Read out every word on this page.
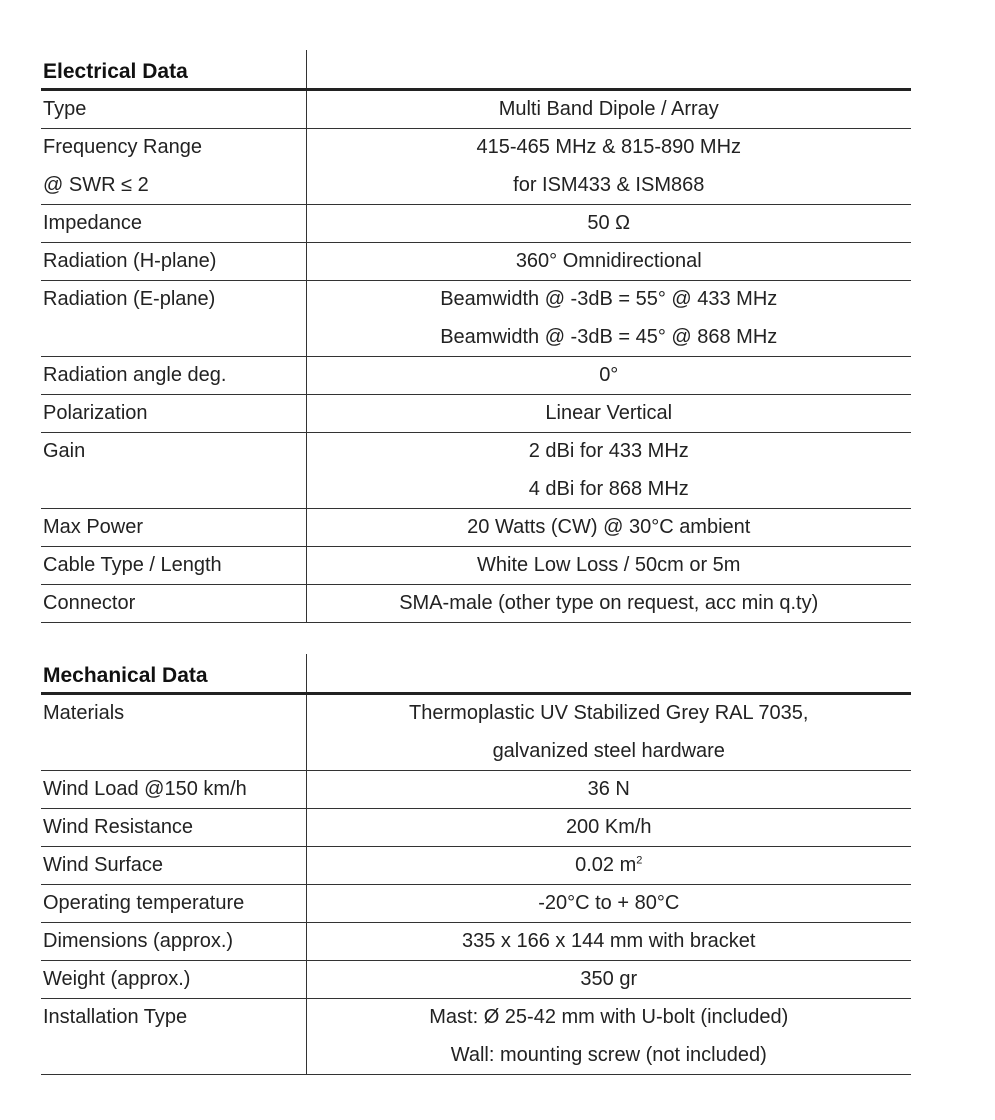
Electrical Data	
Type	Multi Band Dipole / Array
Frequency Range	415-465 MHz & 815-890 MHz
@ SWR ≤ 2	for ISM433 & ISM868
Impedance	50 Ω
Radiation (H-plane)	360° Omnidirectional
Radiation (E-plane)	Beamwidth @ -3dB = 55° @ 433 MHz
	Beamwidth @ -3dB = 45° @ 868 MHz
Radiation angle deg.	0°
Polarization	Linear Vertical
Gain	2 dBi for 433 MHz
	4 dBi for 868 MHz
Max Power	20 Watts (CW) @ 30°C ambient
Cable Type / Length	White Low Loss / 50cm or 5m
Connector	SMA-male (other type on request, acc min q.ty)
Mechanical Data	
Materials	Thermoplastic UV Stabilized Grey RAL 7035,
	galvanized steel hardware
Wind Load @150 km/h	36 N
Wind Resistance	200 Km/h
Wind Surface	0.02 $m^2$
Operating temperature	-20°C to + 80°C
Dimensions (approx.)	335 x 166 x 144 mm with bracket
Weight (approx.)	350 gr
Installation Type	Mast: Ø 25-42 mm with U-bolt (included)
	Wall: mounting screw (not included)
